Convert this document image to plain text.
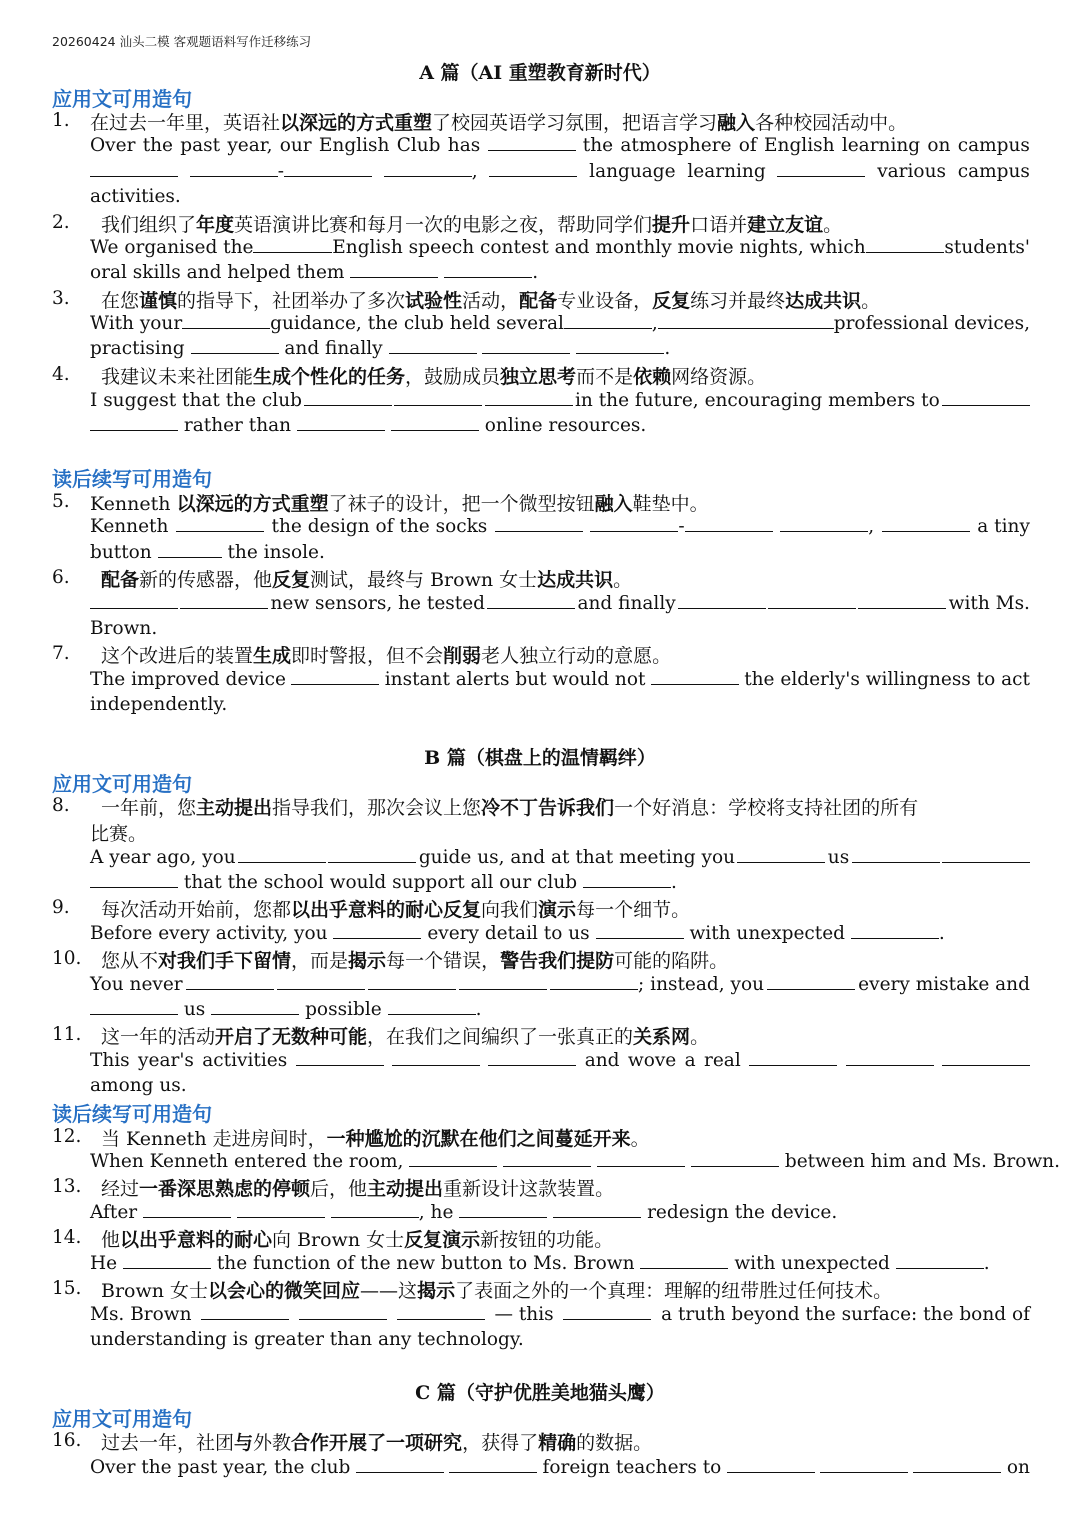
20260424 汕头二模 客观题语料写作迁移练习
A 篇（AI 重塑教育新时代）
应用文可用造句
1. 在过去一年里，英语社以深远的方式重塑了校园英语学习氛围，把语言学习融入各种校园活动中。
Over the past year, our English Club has	the atmosphere of English learning on campus
-	,	language learning	various campus
activities.
2. 我们组织了年度英语演讲比赛和每月一次的电影之夜，帮助同学们提升口语并建立友谊。
We organised the	English speech contest and monthly movie nights, which	students'
oral skills and helped them	.
3. 在您谨慎的指导下，社团举办了多次试验性活动，配备专业设备，反复练习并最终达成共识。
With your	guidance, the club held several	,	professional devices,
practising	and finally	.
4. 我建议未来社团能生成个性化的任务，鼓励成员独立思考而不是依赖网络资源。
I suggest that the club	in the future, encouraging members to
rather than	online resources.
读后续写可用造句
5. Kenneth 以深远的方式重塑了袜子的设计，把一个微型按钮融入鞋垫中。
Kenneth	the design of the socks	-	,	a tiny
button	the insole.
6. 配备新的传感器，他反复测试，最终与 Brown 女士达成共识。
new sensors, he tested	and finally	with Ms.
Brown.
7. 这个改进后的装置生成即时警报，但不会削弱老人独立行动的意愿。
The improved device	instant alerts but would not	the elderly's willingness to act
independently.
B 篇（棋盘上的温情羁绊）
应用文可用造句
8. 一年前，您主动提出指导我们，那次会议上您冷不丁告诉我们一个好消息：学校将支持社团的所有
比赛。
A year ago, you	guide us, and at that meeting you	us
that the school would support all our club	.
9. 每次活动开始前，您都以出乎意料的耐心反复向我们演示每一个细节。
Before every activity, you	every detail to us	with unexpected	.
10. 您从不对我们手下留情，而是揭示每一个错误，警告我们提防可能的陷阱。
You never	; instead, you	every mistake and
us	possible	.
11. 这一年的活动开启了无数种可能，在我们之间编织了一张真正的关系网。
This year's activities	and wove a real
among us.
读后续写可用造句
12. 当 Kenneth 走进房间时，一种尴尬的沉默在他们之间蔓延开来。
When Kenneth entered the room,	between him and Ms. Brown.
13. 经过一番深思熟虑的停顿后，他主动提出重新设计这款装置。
After	, he	redesign the device.
14. 他以出乎意料的耐心向 Brown 女士反复演示新按钮的功能。
He	the function of the new button to Ms. Brown	with unexpected	.
15. Brown 女士以会心的微笑回应——这揭示了表面之外的一个真理：理解的纽带胜过任何技术。
Ms. Brown	— this	a truth beyond the surface: the bond of
understanding is greater than any technology.
C 篇（守护优胜美地猫头鹰）
应用文可用造句
16. 过去一年，社团与外教合作开展了一项研究，获得了精确的数据。
Over the past year, the club	foreign teachers to	on
